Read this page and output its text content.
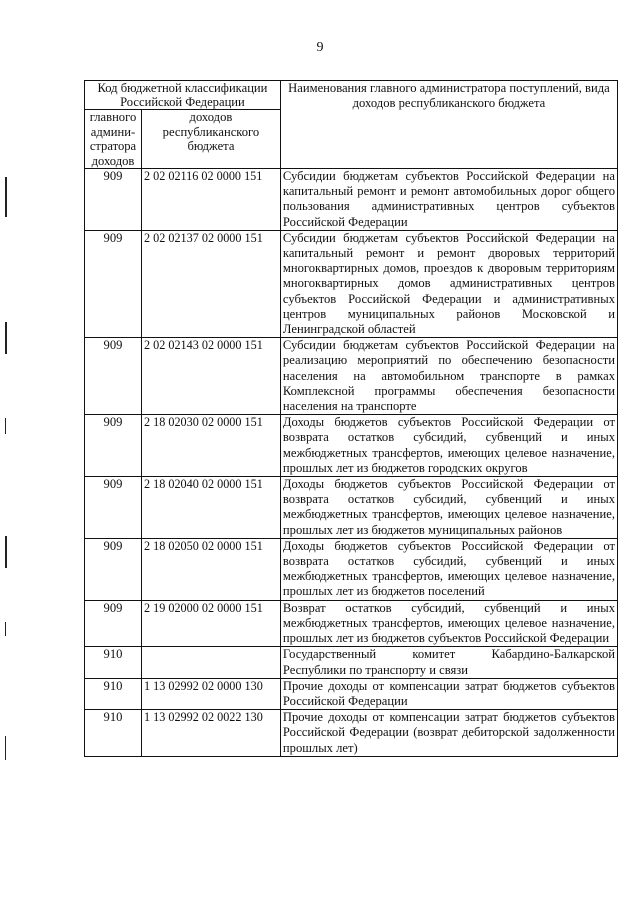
9
Код бюджетной классификации Российской Федерации		Наименования главного администратора поступлений, вида доходов республиканского бюджета
главного админи-стратора доходов	доходов республиканского бюджета	
909	2 02 02116 02 0000 151	Субсидии бюджетам субъектов Российской Федерации на капитальный ремонт и ремонт автомобильных дорог общего пользования административных центров субъектов Российской Федерации
909	2 02 02137 02 0000 151	Субсидии бюджетам субъектов Российской Федерации на капитальный ремонт и ремонт дворовых территорий многоквартирных домов, проездов к дворовым территориям многоквартирных домов административных центров субъектов Российской Федерации и административных центров муниципальных районов Московской и Ленинградской областей
909	2 02 02143 02 0000 151	Субсидии бюджетам субъектов Российской Федерации на реализацию мероприятий по обеспечению безопасности населения на автомобильном транспорте в рамках Комплексной программы обеспечения безопасности населения на транспорте
909	2 18 02030 02 0000 151	Доходы бюджетов субъектов Российской Федерации от возврата остатков субсидий, субвенций и иных межбюджетных трансфертов, имеющих целевое назначение, прошлых лет из бюджетов городских округов
909	2 18 02040 02 0000 151	Доходы бюджетов субъектов Российской Федерации от возврата остатков субсидий, субвенций и иных межбюджетных трансфертов, имеющих целевое назначение, прошлых лет из бюджетов муниципальных районов
909	2 18 02050 02 0000 151	Доходы бюджетов субъектов Российской Федерации от возврата остатков субсидий, субвенций и иных межбюджетных трансфертов, имеющих целевое назначение, прошлых лет из бюджетов поселений
909	2 19 02000 02 0000 151	Возврат остатков субсидий, субвенций и иных межбюджетных трансфертов, имеющих целевое назначение, прошлых лет из бюджетов субъектов Российской Федерации
910		Государственный комитет Кабардино-Балкарской Республики по транспорту и связи
910	1 13 02992 02 0000 130	Прочие доходы от компенсации затрат бюджетов субъектов Российской Федерации
910	1 13 02992 02 0022 130	Прочие доходы от компенсации затрат бюджетов субъектов Российской Федерации (возврат дебиторской задолженности прошлых лет)
